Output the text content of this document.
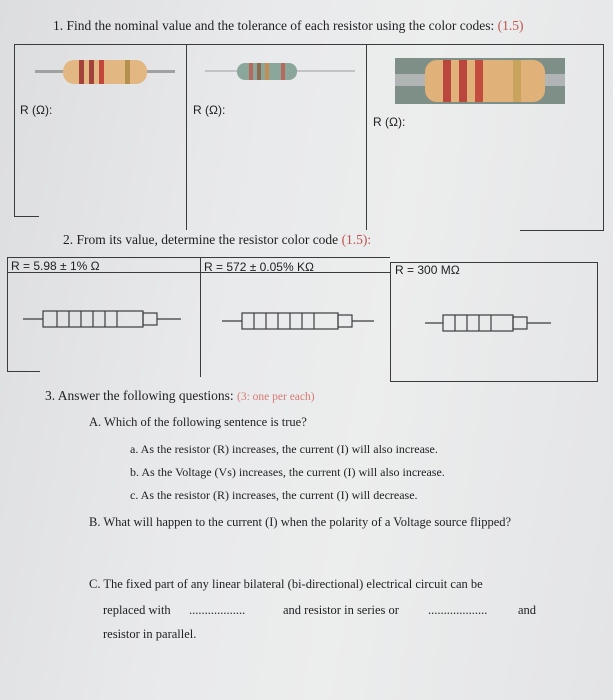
1. Find the nominal value and the tolerance of each resistor using the color codes: (1.5)
R (Ω):	R (Ω):
R (Ω):
2. From its value, determine the resistor color code (1.5):
R = 5.98 ± 1% Ω	R = 572 ± 0.05% KΩ	R = 300 MΩ
3. Answer the following questions: (3: one per each)
A. Which of the following sentence is true?
a. As the resistor (R) increases, the current (I) will also increase.
b. As the Voltage (Vs) increases, the current (I) will also increase.
c. As the resistor (R) increases, the current (I) will decrease.
B. What will happen to the current (I) when the polarity of a Voltage source flipped?
C. The fixed part of any linear bilateral (bi-directional) electrical circuit can be
replaced with ..................	and resistor in series or ................... and
resistor in parallel.
